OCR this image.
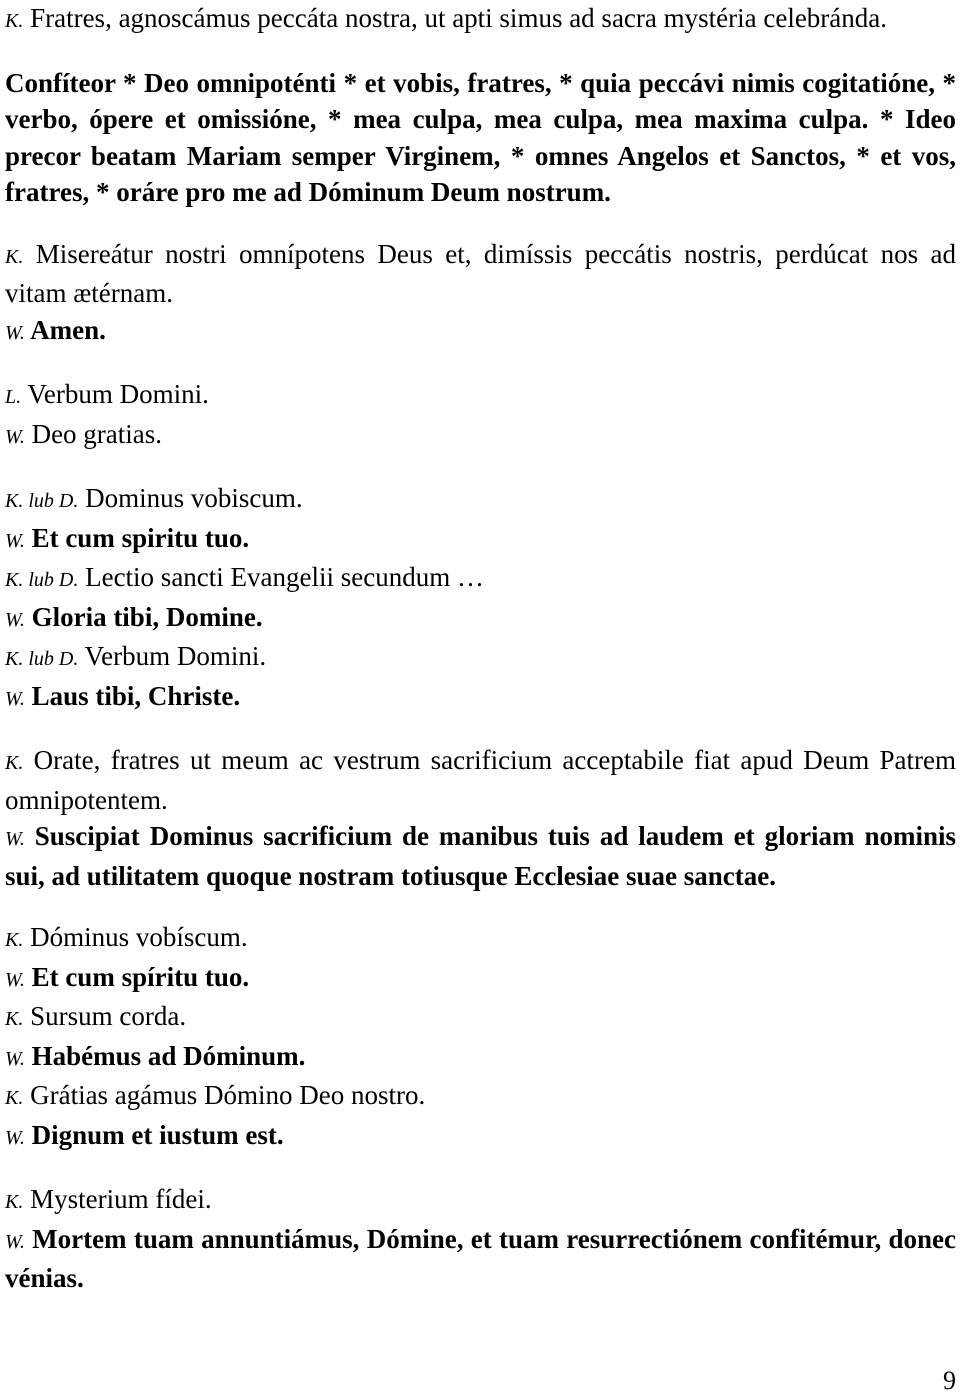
K. Fratres, agnoscámus peccáta nostra, ut apti simus ad sacra mystéria celebránda.

Confíteor * Deo omnipoténti * et vobis, fratres, * quia peccávi nimis cogitatióne, * verbo, ópere et omissióne, * mea culpa, mea culpa, mea maxima culpa. * Ideo precor beatam Mariam semper Virginem, * omnes Angelos et Sanctos, * et vos, fratres, * oráre pro me ad Dóminum Deum nostrum.

K. Misereátur nostri omnípotens Deus et, dimíssis peccátis nostris, perdúcat nos ad vitam ætérnam.

W. Amen.

L. Verbum Domini.

W. Deo gratias.

K. lub D. Dominus vobiscum.

W. Et cum spiritu tuo.

K. lub D. Lectio sancti Evangelii secundum …

W. Gloria tibi, Domine.

K. lub D. Verbum Domini.

W. Laus tibi, Christe.

K. Orate, fratres ut meum ac vestrum sacrificium acceptabile fiat apud Deum Patrem omnipotentem.

W. Suscipiat Dominus sacrificium de manibus tuis ad laudem et gloriam nominis sui, ad utilitatem quoque nostram totiusque Ecclesiae suae sanctae.

K. Dóminus vobíscum.

W. Et cum spíritu tuo.

K. Sursum corda.

W. Habémus ad Dóminum.

K. Grátias agámus Dómino Deo nostro.

W. Dignum et iustum est.

K. Mysterium fídei.

W. Mortem tuam annuntiámus, Dómine, et tuam resurrectiónem confitémur, donec vénias.

9
